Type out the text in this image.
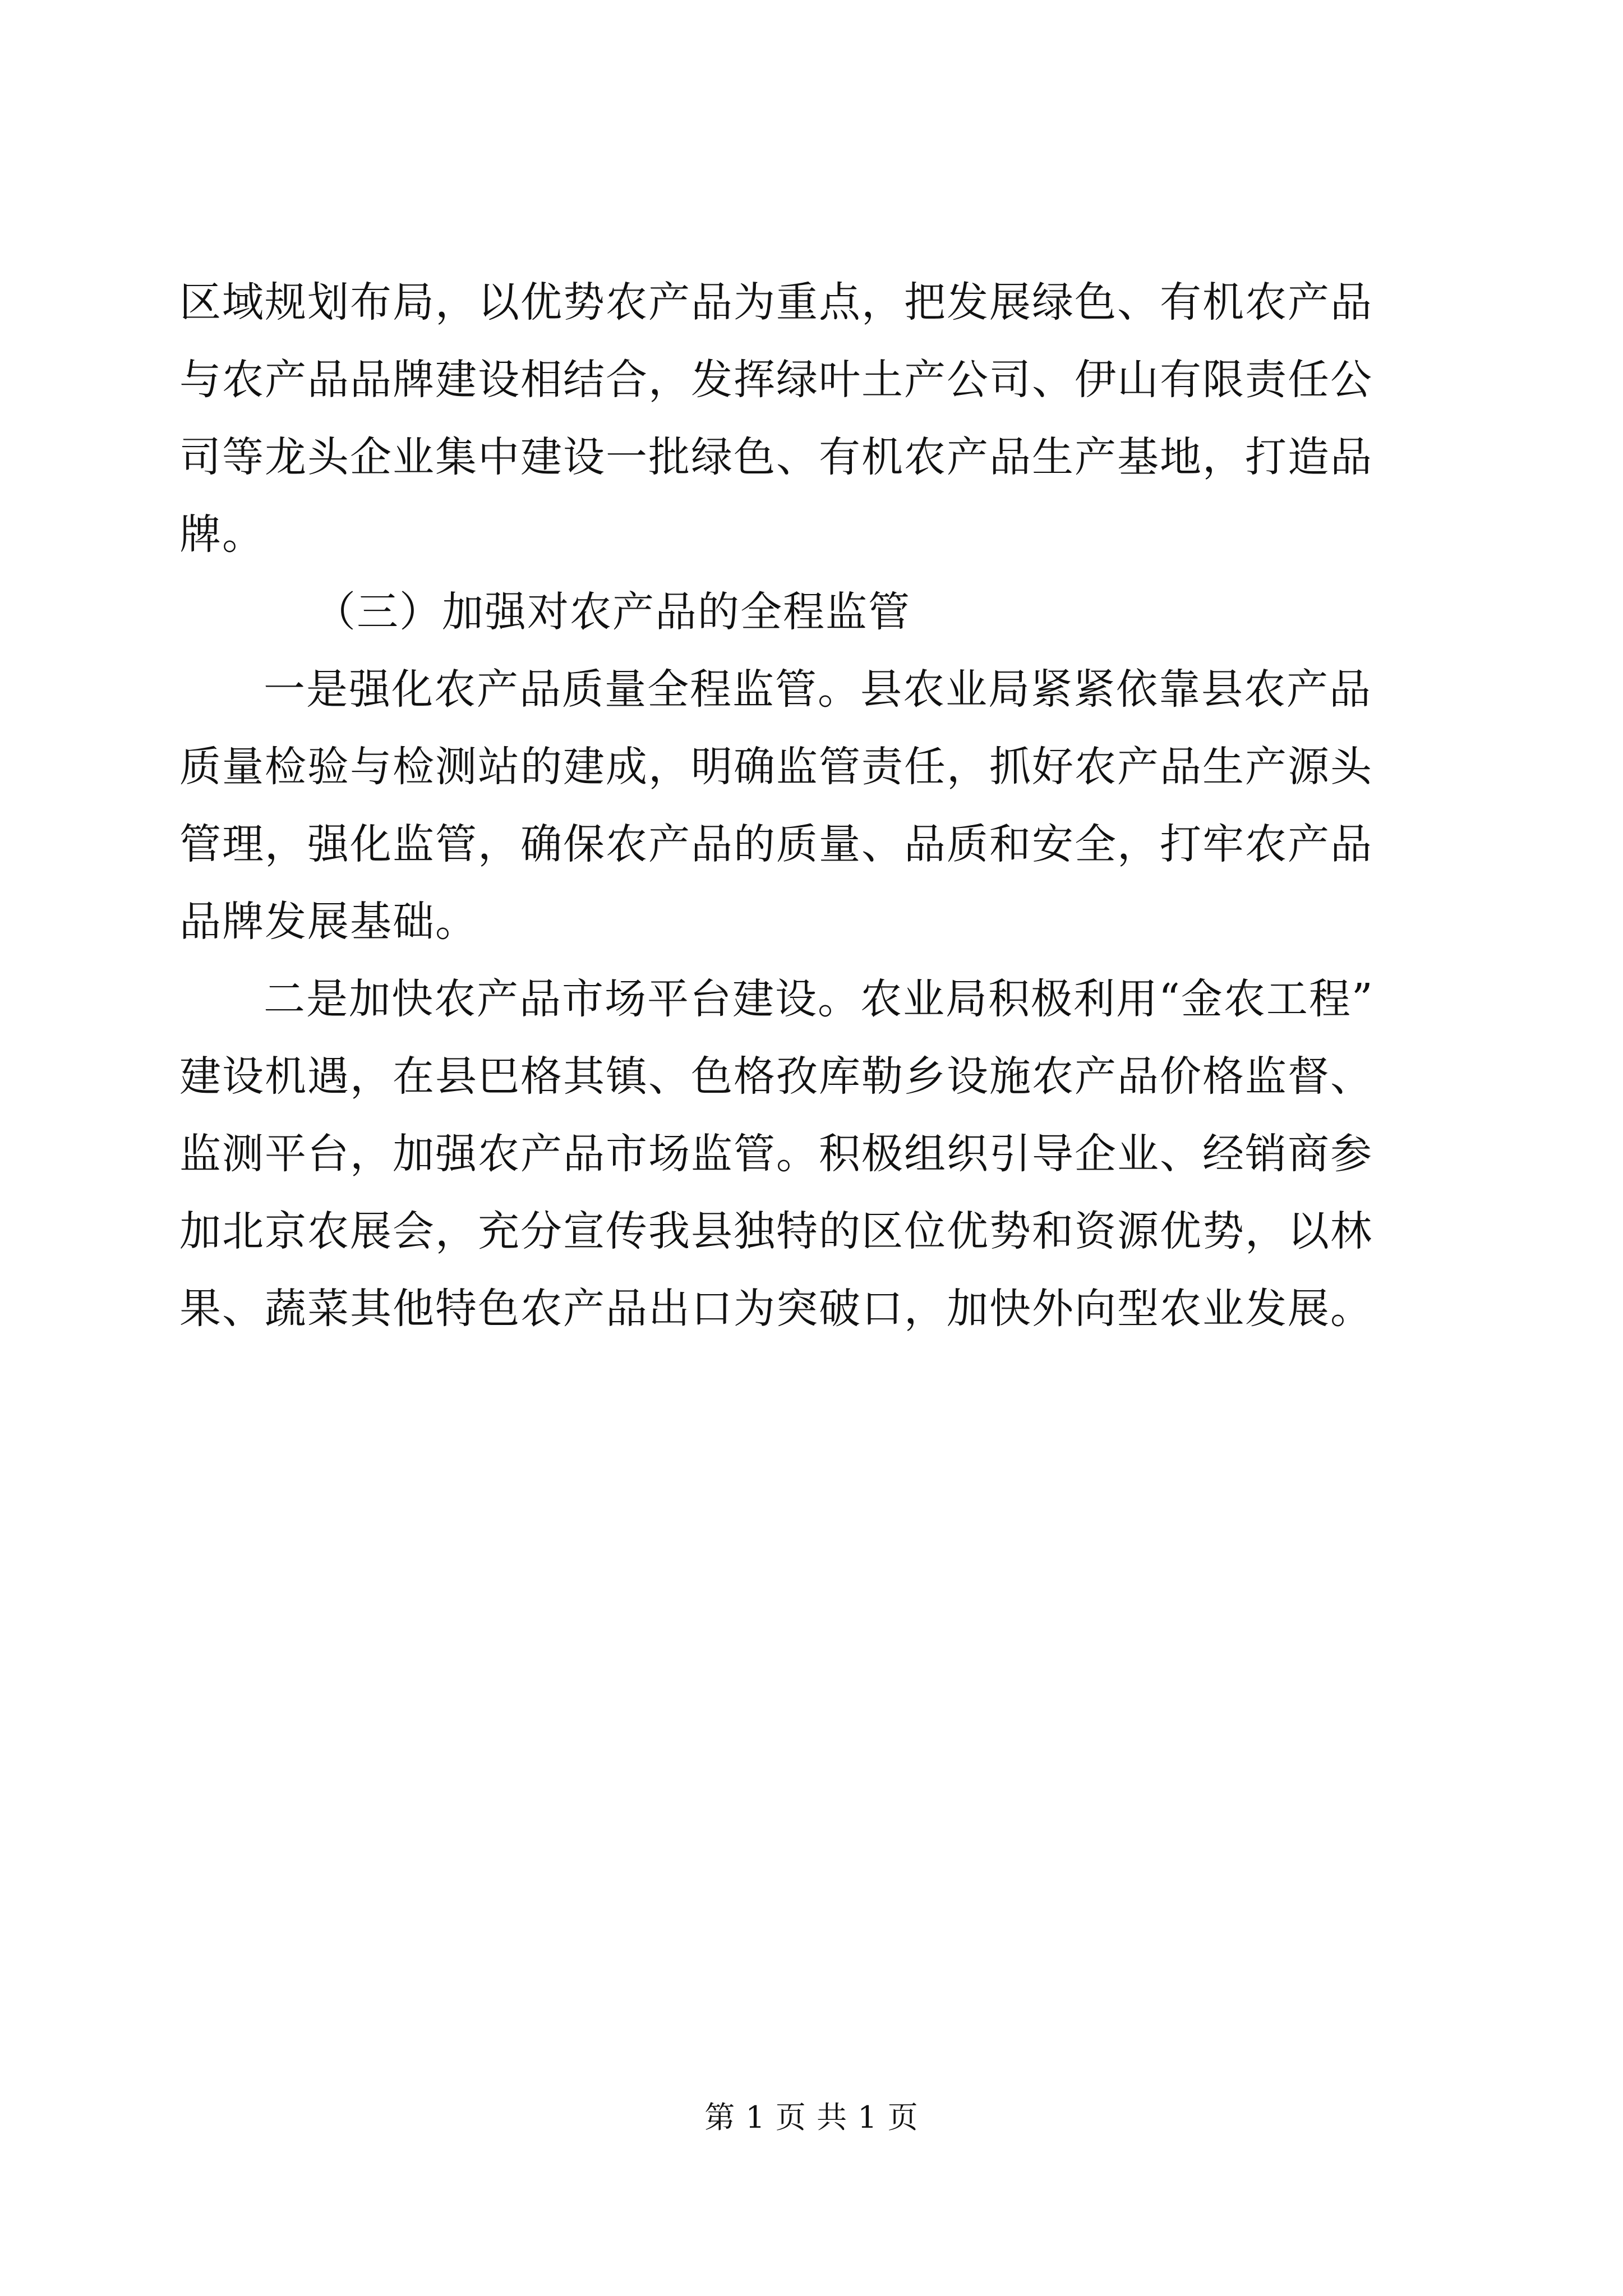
区域规划布局，以优势农产品为重点，把发展绿色、有机农产品
与农产品品牌建设相结合，发挥绿叶土产公司、伊山有限责任公
司等龙头企业集中建设一批绿色、有机农产品生产基地，打造品
牌。
（三）加强对农产品的全程监管
一是强化农产品质量全程监管。县农业局紧紧依靠县农产品
质量检验与检测站的建成，明确监管责任，抓好农产品生产源头
管理，强化监管，确保农产品的质量、品质和安全，打牢农产品
品牌发展基础。
二是加快农产品市场平台建设。农业局积极利用“金农工程”
建设机遇，在县巴格其镇、色格孜库勒乡设施农产品价格监督、
监测平台，加强农产品市场监管。积极组织引导企业、经销商参
加北京农展会，充分宣传我县独特的区位优势和资源优势，以林
果、蔬菜其他特色农产品出口为突破口，加快外向型农业发展。
第 1 页 共 1 页
